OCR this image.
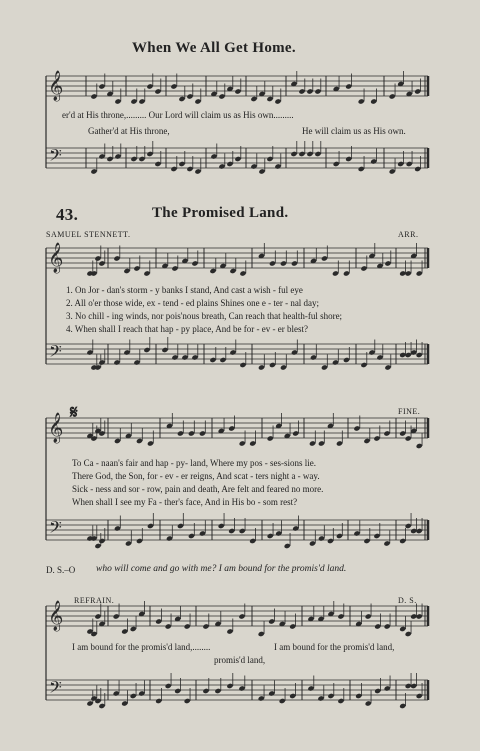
𝄞
𝄢
𝄞
𝄢
𝄞
𝄢
𝄞
𝄢
When We All Get Home.
er'd at His throne,......... Our Lord will claim us as His own.........
Gather'd at His throne,	He will claim us as His own.
43.	The Promised Land.
SAMUEL STENNETT.	ARR.
1. On Jor - dan's storm - y banks I stand, And cast a wish - ful eye
2. All o'er those wide, ex - tend - ed plains Shines one e - ter - nal day;
3. No chill - ing winds, nor pois'nous breath, Can reach that health-ful shore;
4. When shall I reach that hap - py place, And be for - ev - er blest?
𝄋	FINE.
To Ca - naan's fair and hap - py- land, Where my pos - ses-sions lie.
There God, the Son, for - ev - er reigns, And scat - ters night a - way.
Sick - ness and sor - row, pain and death, Are felt and feared no more.
When shall I see my Fa - ther's face, And in His bo - som rest?
D. S.–O who will come and go with me? I am bound for the promis'd land.
REFRAIN.	D. S.
I am bound for the promis'd land,........	I am bound for the promis'd land,
promis'd land,
